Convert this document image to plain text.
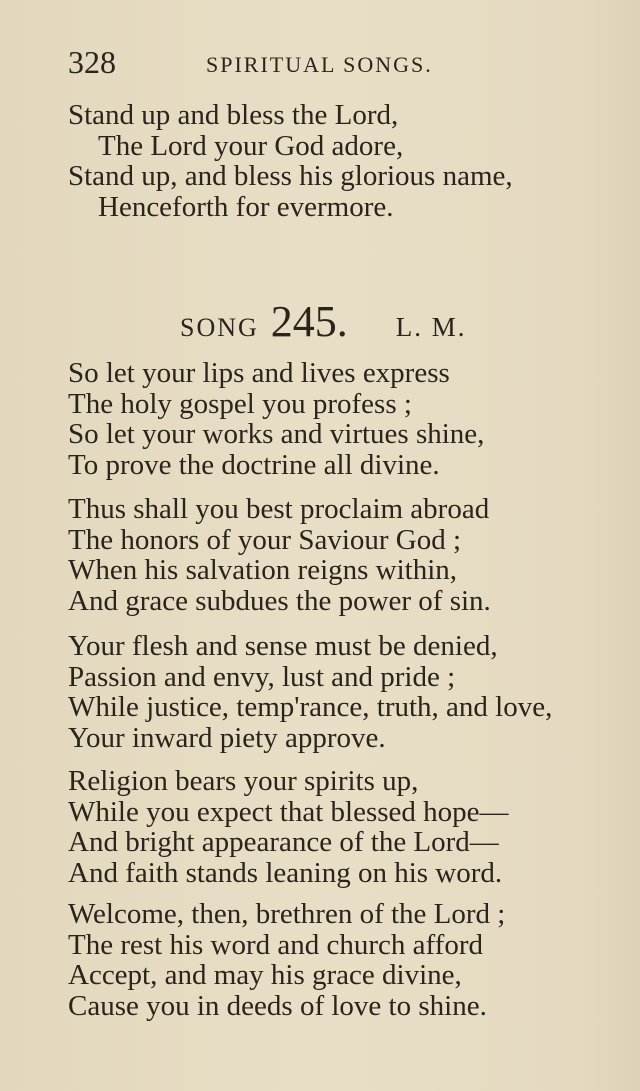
328	SPIRITUAL SONGS.
Stand up and bless the Lord,
The Lord your God adore,
Stand up, and bless his glorious name,
Henceforth for evermore.
SONG 245. L. M.
So let your lips and lives express
The holy gospel you profess ;
So let your works and virtues shine,
To prove the doctrine all divine.
Thus shall you best proclaim abroad
The honors of your Saviour God ;
When his salvation reigns within,
And grace subdues the power of sin.
Your flesh and sense must be denied,
Passion and envy, lust and pride ;
While justice, temp'rance, truth, and love,
Your inward piety approve.
Religion bears your spirits up,
While you expect that blessed hope—
And bright appearance of the Lord—
And faith stands leaning on his word.
Welcome, then, brethren of the Lord ;
The rest his word and church afford
Accept, and may his grace divine,
Cause you in deeds of love to shine.
